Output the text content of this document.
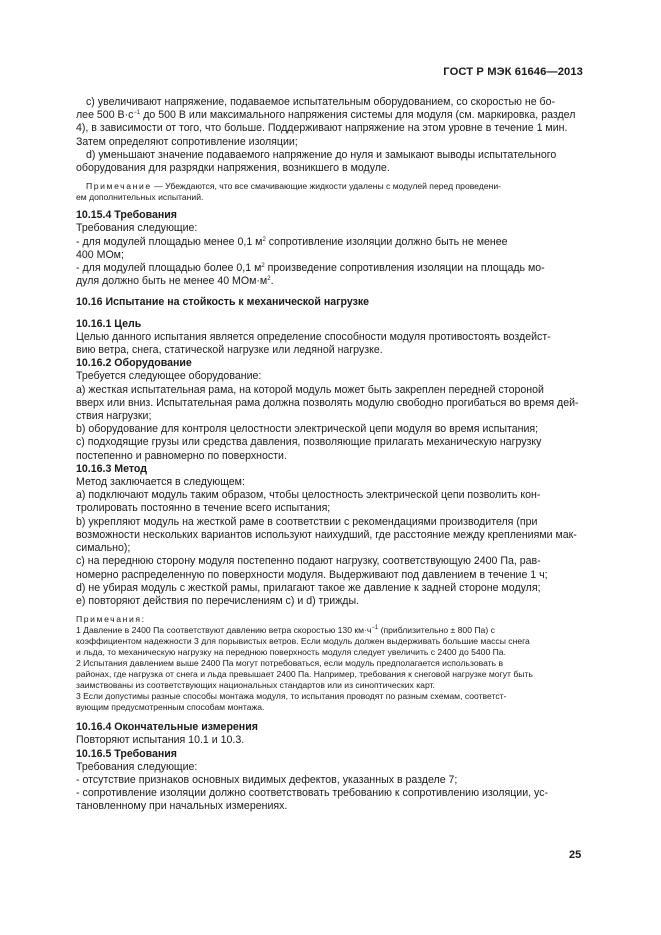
ГОСТ Р МЭК 61646—2013

c) увеличивают напряжение, подаваемое испытательным оборудованием, со скоростью не бо-

лее 500 $В\cdot с^{-1}$ до 500 В или максимального напряжения системы для модуля (см. маркировка, раздел

4), в зависимости от того, что больше. Поддерживают напряжение на этом уровне в течение 1 мин.

Затем определяют сопротивление изоляции;

d) уменьшают значение подаваемого напряжение до нуля и замыкают выводы испытательного

оборудования для разрядки напряжения, возникшего в модуле.

Примечание — Убеждаются, что все смачивающие жидкости удалены с модулей перед проведени-

ем дополнительных испытаний.

10.15.4 Требования

Требования следующие:

- для модулей площадью менее 0,1 $м^2$ сопротивление изоляции должно быть не менее

400 МОм;

- для модулей площадью более 0,1 $м^2$ произведение сопротивления изоляции на площадь мо-

дуля должно быть не менее 40 $МОм\cdot м^2$.

10.16 Испытание на стойкость к механической нагрузке

10.16.1 Цель

Целью данного испытания является определение способности модуля противостоять воздейст-

вию ветра, снега, статической нагрузке или ледяной нагрузке.

10.16.2 Оборудование

Требуется следующее оборудование:

а) жесткая испытательная рама, на которой модуль может быть закреплен передней стороной

вверх или вниз. Испытательная рама должна позволять модулю свободно прогибаться во время дей-

ствия нагрузки;

b) оборудование для контроля целостности электрической цепи модуля во время испытания;

с) подходящие грузы или средства давления, позволяющие прилагать механическую нагрузку

постепенно и равномерно по поверхности.

10.16.3 Метод

Метод заключается в следующем:

а) подключают модуль таким образом, чтобы целостность электрической цепи позволить кон-

тролировать постоянно в течение всего испытания;

b) укрепляют модуль на жесткой раме в соответствии с рекомендациями производителя (при

возможности нескольких вариантов используют наихудший, где расстояние между креплениями мак-

симально);

с) на переднюю сторону модуля постепенно подают нагрузку, соответствующую 2400 Па, рав-

номерно распределенную по поверхности модуля. Выдерживают под давлением в течение 1 ч;

d) не убирая модуль с жесткой рамы, прилагают такое же давление к задней стороне модуля;

e) повторяют действия по перечислениям с) и d) трижды.

Примечания:

1 Давление в 2400 Па соответствуют давлению ветра скоростью 130 $км\cdot ч^{-1}$ (приблизительно ± 800 Па) с

коэффициентом надежности 3 для порывистых ветров. Если модуль должен выдерживать большие массы снега

и льда, то механическую нагрузку на переднюю поверхность модуля следует увеличить с 2400 до 5400 Па.

2 Испытания давлением выше 2400 Па могут потребоваться, если модуль предполагается использовать в

районах, где нагрузка от снега и льда превышает 2400 Па. Например, требования к снеговой нагрузке могут быть

заимствованы из соответствующих национальных стандартов или из синоптических карт.

3 Если допустимы разные способы монтажа модуля, то испытания проводят по разным схемам, соответст-

вующим предусмотренным способам монтажа.

10.16.4 Окончательные измерения

Повторяют испытания 10.1 и 10.3.

10.16.5 Требования

Требования следующие:

- отсутствие признаков основных видимых дефектов, указанных в разделе 7;

- сопротивление изоляции должно соответствовать требованию к сопротивлению изоляции, ус-

тановленному при начальных измерениях.

25
